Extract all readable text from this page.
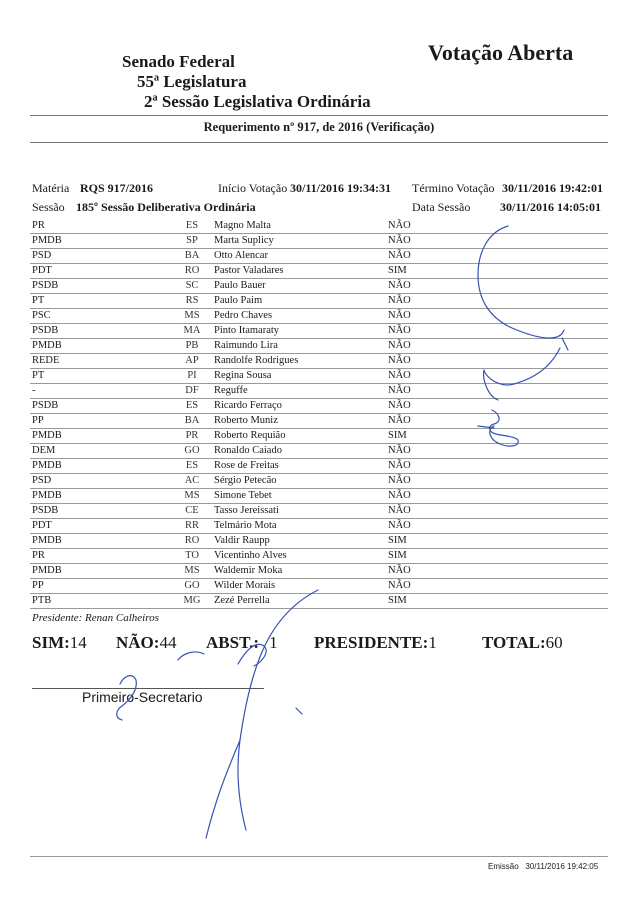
Senado Federal
55ª Legislatura
2ª Sessão Legislativa Ordinária
Votação Aberta
Requerimento nº 917, de 2016 (Verificação)
Matéria RQS 917/2016	Início Votação 30/11/2016 19:34:31 Término Votação 30/11/2016 19:42:01
Sessão 185º Sessão Deliberativa Ordinária	Data Sessão 30/11/2016 14:05:01
PR	ES	Magno Malta	NÃO	
PMDB	SP	Marta Suplicy	NÃO	
PSD	BA	Otto Alencar	NÃO	
PDT	RO	Pastor Valadares	SIM	
PSDB	SC	Paulo Bauer	NÃO	
PT	RS	Paulo Paim	NÃO	
PSC	MS	Pedro Chaves	NÃO	
PSDB	MA	Pinto Itamaraty	NÃO	
PMDB	PB	Raimundo Lira	NÃO	
REDE	AP	Randolfe Rodrigues	NÃO	
PT	PI	Regina Sousa	NÃO	
-	DF	Reguffe	NÃO	
PSDB	ES	Ricardo Ferraço	NÃO	
PP	BA	Roberto Muniz	NÃO	
PMDB	PR	Roberto Requião	SIM	
DEM	GO	Ronaldo Caiado	NÃO	
PMDB	ES	Rose de Freitas	NÃO	
PSD	AC	Sérgio Petecão	NÃO	
PMDB	MS	Simone Tebet	NÃO	
PSDB	CE	Tasso Jereissati	NÃO	
PDT	RR	Telmário Mota	NÃO	
PMDB	RO	Valdir Raupp	SIM	
PR	TO	Vicentinho Alves	SIM	
PMDB	MS	Waldemir Moka	NÃO	
PP	GO	Wilder Morais	NÃO	
PTB	MG	Zezé Perrella	SIM	
Presidente: Renan Calheiros
SIM:14 NÃO:44 ABST.: 1 PRESIDENTE:1	TOTAL:60
Primeiro-Secretario
Emissão 30/11/2016 19:42:05
